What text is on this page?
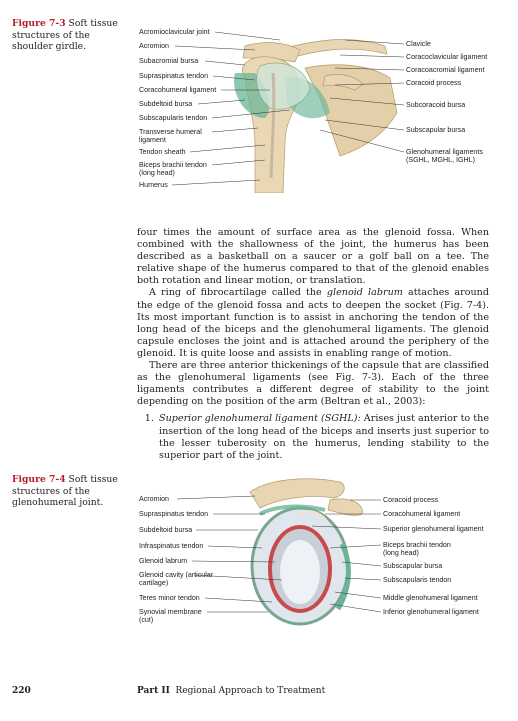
Figure 7-3 Soft tissue structures of the shoulder girdle.
Acromioclavicular joint
Acromion
Subacromial bursa
Supraspinatus tendon
Coracohumeral ligament
Subdeltoid bursa
Subscapularis tendon
Transverse humeral ligament
Tendon sheath
Biceps brachii tendon (long head)
Humerus
Clavicle
Coracoclavicular ligament
Coracoacromial ligament
Coracoid process
Subcoracoid bursa
Subscapular bursa
Glenohumeral ligaments (SGHL, MGHL, IGHL)

four times the amount of surface area as the glenoid fossa. When combined with the shallowness of the joint, the humerus has been described as a basketball on a saucer or a golf ball on a tee. The relative shape of the humerus compared to that of the glenoid enables both rotation and linear motion, or translation.

A ring of fibrocartilage called the glenoid labrum attaches around the edge of the glenoid fossa and acts to deepen the socket (Fig. 7-4). Its most important function is to assist in anchoring the tendon of the long head of the biceps and the glenohumeral ligaments. The glenoid capsule encloses the joint and is attached around the periphery of the glenoid. It is quite loose and assists in enabling range of motion.

There are three anterior thickenings of the capsule that are classified as the glenohumeral ligaments (see Fig. 7-3). Each of the three ligaments contributes a different degree of stability to the joint depending on the position of the arm (Beltran et al., 2003):

1. Superior glenohumeral ligament (SGHL): Arises just anterior to the insertion of the long head of the biceps and inserts just superior to the lesser tuberosity on the humerus, lending stability to the superior part of the joint.
Figure 7-4 Soft tissue structures of the glenohumeral joint.	Acromion
Supraspinatus tendon
Subdeltoid bursa
Infraspinatus tendon
Glenoid labrum
Glenoid cavity (articular cartilage)
Teres minor tendon
Synovial membrane (cut)
Coracoid process
Coracohumeral ligament
Superior glenohumeral ligament
Biceps brachii tendon (long head)
Subscapular bursa
Subscapularis tendon
Middle glenohumeral ligament
Inferior glenohumeral ligament
220	Part II Regional Approach to Treatment
